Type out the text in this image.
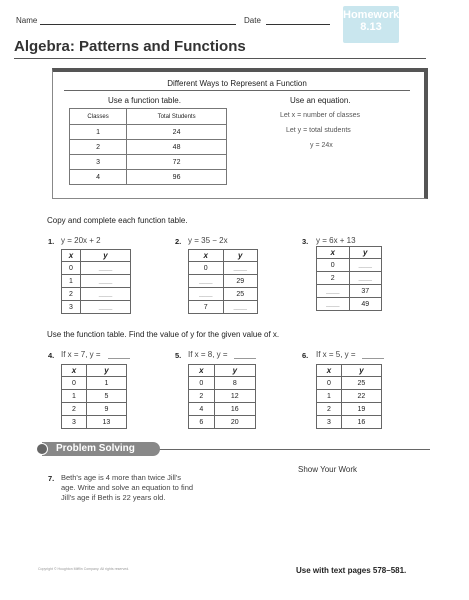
Name	Date	Homework
8.13
Algebra: Patterns and Functions
Different Ways to Represent a Function
Use a function table.	Use an equation.
Classes	Total Students
1	24
2	48
3	72
4	96
Let x = number of classes
Let y = total students
y = 24x
Copy and complete each function table.
1. y = 20x + 2
x	y
0	____
1	____
2	____
3	____
2. y = 35 − 2x
x	y
0	____
____	29
____	25
7	____
3. y = 6x + 13
x	y
0	____
2	____
____	37
____	49
Use the function table. Find the value of y for the given value of x.
4. If x = 7, y =
x	y
0	1
1	5
2	9
3	13
5. If x = 8, y =
x	y
0	8
2	12
4	16
6	20
6. If x = 5, y =
x	y
0	25
1	22
2	19
3	16
Problem Solving
Show Your Work
7. Beth's age is 4 more than twice Jill's
age. Write and solve an equation to find
Jill's age if Beth is 22 years old.
Copyright © Houghton Mifflin Company. All rights reserved.	Use with text pages 578–581.
